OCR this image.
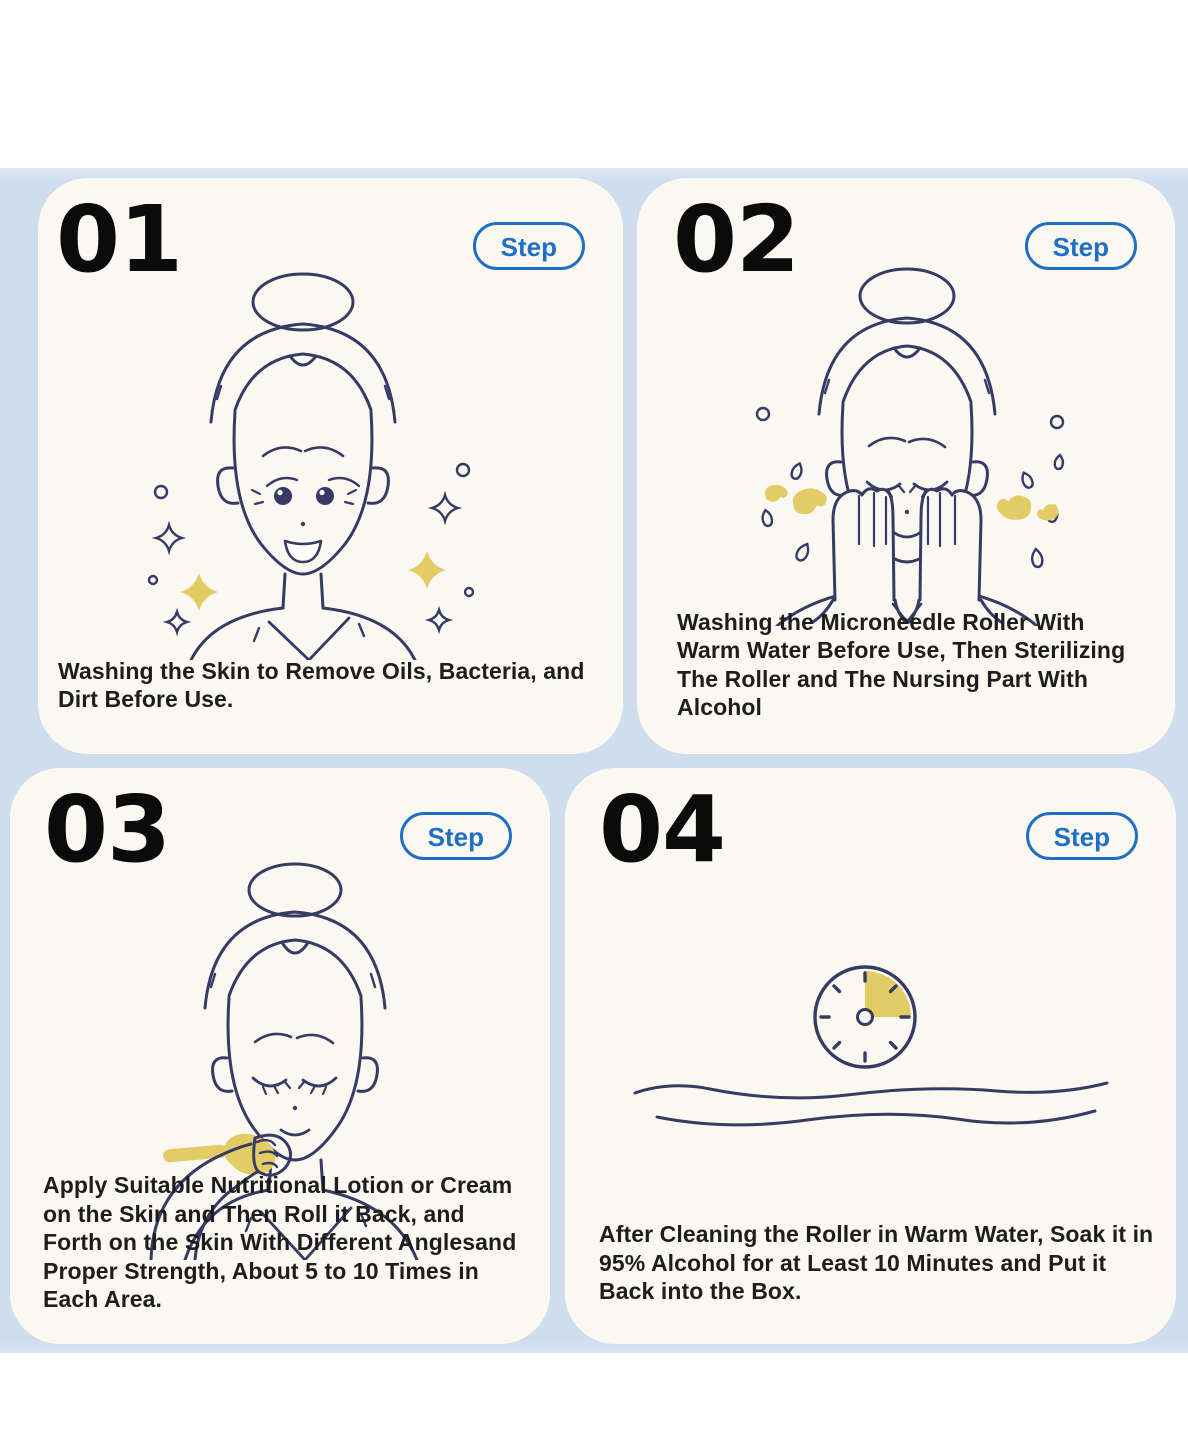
01	Step

Washing the Skin to Remove Oils, Bacteria, and Dirt Before Use.

02	Step

Washing the Microneedle Roller With Warm Water Before Use, Then Sterilizing The Roller and The Nursing Part With Alcohol

03	Step

Apply Suitable Nutritional Lotion or Cream on the Skin and Then Roll it Back, and Forth on the Skin With Different Anglesand Proper Strength, About 5 to 10 Times in Each Area.

04	Step

After Cleaning the Roller in Warm Water, Soak it in 95% Alcohol for at Least 10 Minutes and Put it Back into the Box.
